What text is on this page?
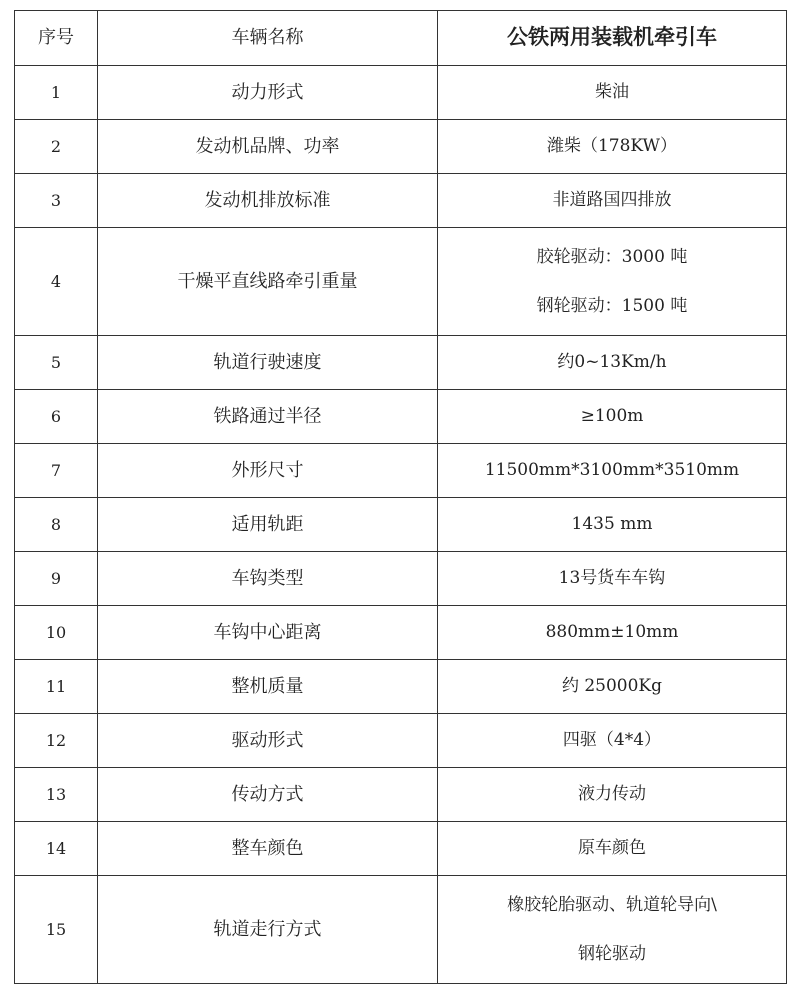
序号	车辆名称	公铁两用装载机牵引车
1	动力形式	柴油

2	发动机品牌、功率	潍柴（178KW）

3	发动机排放标准	非道路国四排放

4	干燥平直线路牵引重量	胶轮驱动：3000 吨
钢轮驱动：1500 吨

5	轨道行驶速度	约0~13Km/h

6	铁路通过半径	≥100m

7	外形尺寸	11500mm*3100mm*3510mm

8	适用轨距	1435 mm

9	车钩类型	13号货车车钩

10	车钩中心距离	880mm±10mm

11	整机质量	约 25000Kg

12	驱动形式	四驱（4*4）

13	传动方式	液力传动

14	整车颜色	原车颜色

15	轨道走行方式	橡胶轮胎驱动、轨道轮导向\
钢轮驱动
